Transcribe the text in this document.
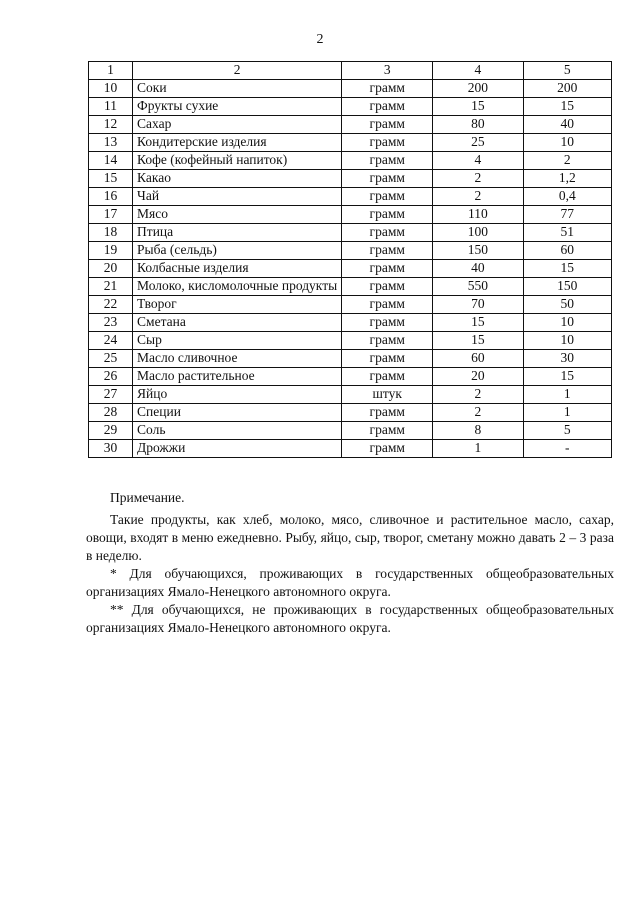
2
1	2	3	4	5
10	Соки	грамм	200	200
11	Фрукты сухие	грамм	15	15
12	Сахар	грамм	80	40
13	Кондитерские изделия	грамм	25	10
14	Кофе (кофейный напиток)	грамм	4	2
15	Какао	грамм	2	1,2
16	Чай	грамм	2	0,4
17	Мясо	грамм	110	77
18	Птица	грамм	100	51
19	Рыба (сельдь)	грамм	150	60
20	Колбасные изделия	грамм	40	15
21	Молоко, кисломолочные продукты	грамм	550	150
22	Творог	грамм	70	50
23	Сметана	грамм	15	10
24	Сыр	грамм	15	10
25	Масло сливочное	грамм	60	30
26	Масло растительное	грамм	20	15
27	Яйцо	штук	2	1
28	Специи	грамм	2	1
29	Соль	грамм	8	5
30	Дрожжи	грамм	1	-

Примечание.

Такие продукты, как хлеб, молоко, мясо, сливочное и растительное масло, сахар, овощи, входят в меню ежедневно. Рыбу, яйцо, сыр, творог, сметану можно давать 2 – 3 раза в неделю.

* Для обучающихся, проживающих в государственных общеобразовательных организациях Ямало-Ненецкого автономного округа.

** Для обучающихся, не проживающих в государственных общеобразовательных организациях Ямало-Ненецкого автономного округа.
